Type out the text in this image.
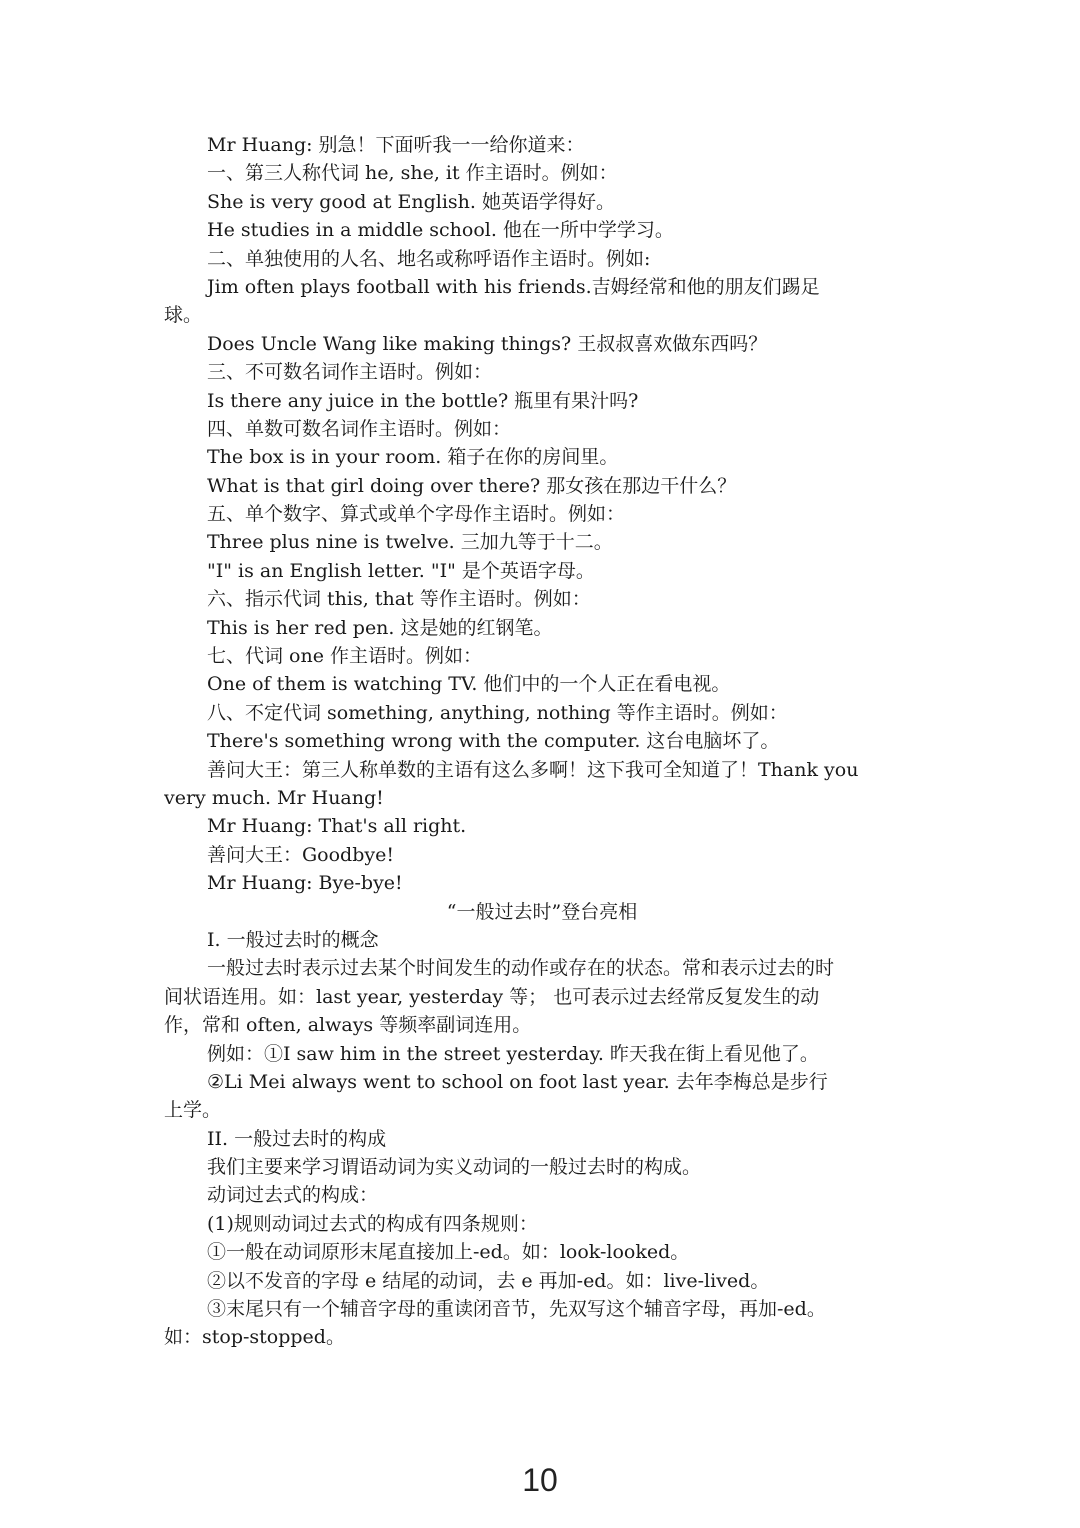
Mr Huang: 别急！下面听我一一给你道来：
一、第三人称代词 he, she, it 作主语时。例如：
She is very good at English. 她英语学得好。
He studies in a middle school. 他在一所中学学习。
二、单独使用的人名、地名或称呼语作主语时。例如:
Jim often plays football with his friends.吉姆经常和他的朋友们踢足
球。
Does Uncle Wang like making things? 王叔叔喜欢做东西吗？
三、不可数名词作主语时。例如：
Is there any juice in the bottle? 瓶里有果汁吗?
四、单数可数名词作主语时。例如：
The box is in your room. 箱子在你的房间里。
What is that girl doing over there? 那女孩在那边干什么？
五、单个数字、算式或单个字母作主语时。例如：
Three plus nine is twelve. 三加九等于十二。
"I" is an English letter. "I" 是个英语字母。
六、指示代词 this, that 等作主语时。例如：
This is her red pen. 这是她的红钢笔。
七、代词 one 作主语时。例如：
One of them is watching TV. 他们中的一个人正在看电视。
八、不定代词 something, anything, nothing 等作主语时。例如：
There's something wrong with the computer. 这台电脑坏了。
善问大王：第三人称单数的主语有这么多啊！这下我可全知道了！Thank you
very much. Mr Huang!
Mr Huang: That's all right.
善问大王：Goodbye!
Mr Huang: Bye-bye!
“一般过去时”登台亮相
I. 一般过去时的概念
一般过去时表示过去某个时间发生的动作或存在的状态。常和表示过去的时
间状语连用。如：last year, yesterday 等； 也可表示过去经常反复发生的动
作，常和 often, always 等频率副词连用。
例如：①I saw him in the street yesterday. 昨天我在街上看见他了。
②Li Mei always went to school on foot last year. 去年李梅总是步行
上学。
II. 一般过去时的构成
我们主要来学习谓语动词为实义动词的一般过去时的构成。
动词过去式的构成：
(1)规则动词过去式的构成有四条规则：
①一般在动词原形末尾直接加上-ed。如：look-looked。
②以不发音的字母 e 结尾的动词，去 e 再加-ed。如：live-lived。
③末尾只有一个辅音字母的重读闭音节，先双写这个辅音字母，再加-ed。
如：stop-stopped。
10
